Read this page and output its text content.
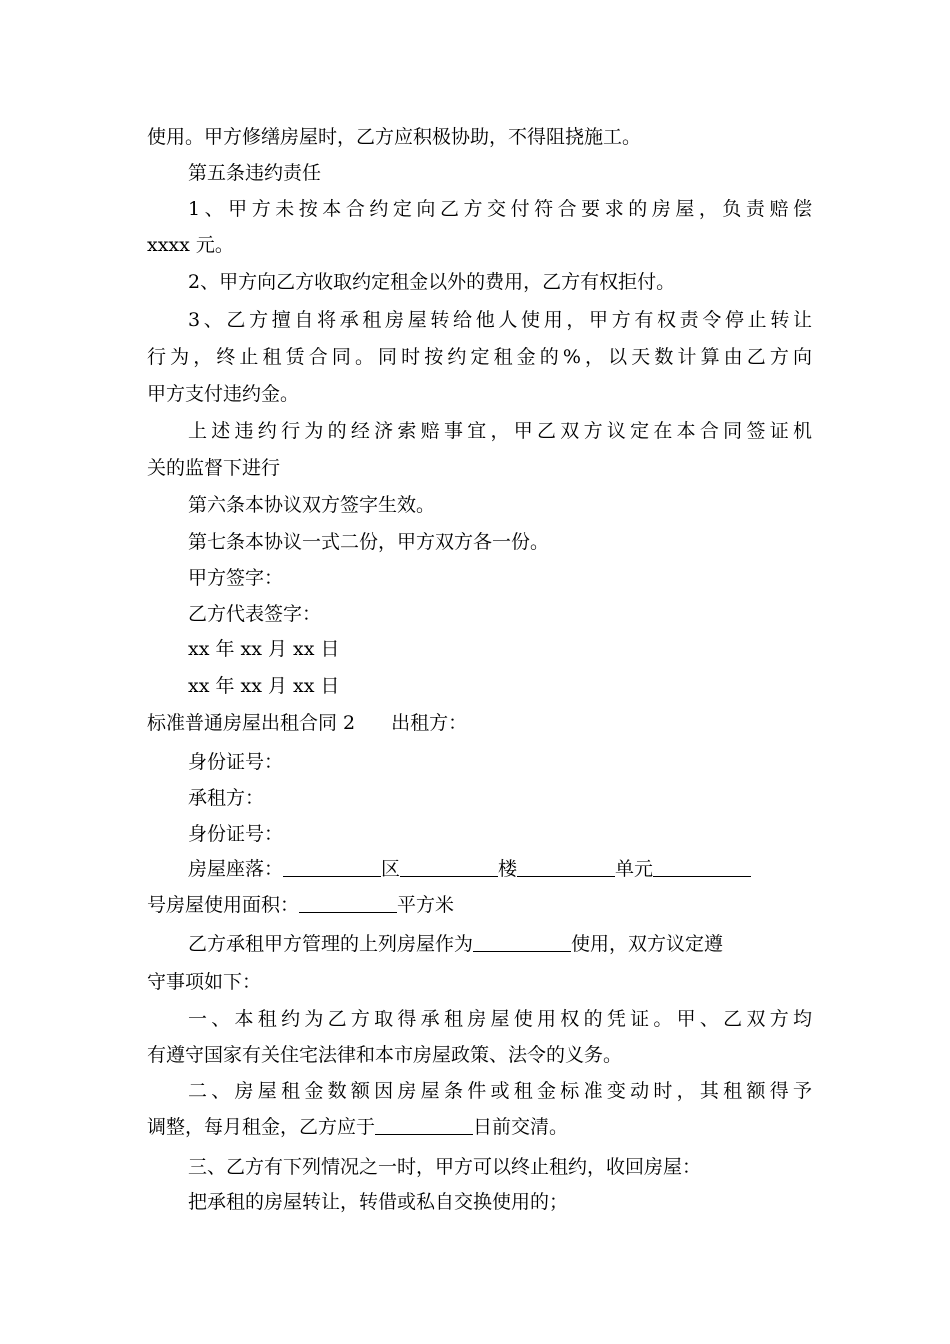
使用。甲方修缮房屋时，乙方应积极协助，不得阻挠施工。
第五条违约责任
1、甲方未按本合约定向乙方交付符合要求的房屋，负责赔偿
xxxx 元。
2、甲方向乙方收取约定租金以外的费用，乙方有权拒付。
3、乙方擅自将承租房屋转给他人使用，甲方有权责令停止转让
行为，终止租赁合同。同时按约定租金的%，以天数计算由乙方向
甲方支付违约金。
上述违约行为的经济索赔事宜，甲乙双方议定在本合同签证机
关的监督下进行
第六条本协议双方签字生效。
第七条本协议一式二份，甲方双方各一份。
甲方签字：
乙方代表签字：
xx 年 xx 月 xx 日
xx 年 xx 月 xx 日
标准普通房屋出租合同 2 出租方：
身份证号：
承租方：
身份证号：
房屋座落：	区	楼	单元
号房屋使用面积：	平方米
乙方承租甲方管理的上列房屋作为	使用，双方议定遵
守事项如下：
一、本租约为乙方取得承租房屋使用权的凭证。甲、乙双方均
有遵守国家有关住宅法律和本市房屋政策、法令的义务。
二、房屋租金数额因房屋条件或租金标准变动时，其租额得予
调整，每月租金，乙方应于	日前交清。
三、乙方有下列情况之一时，甲方可以终止租约，收回房屋：
把承租的房屋转让，转借或私自交换使用的；
